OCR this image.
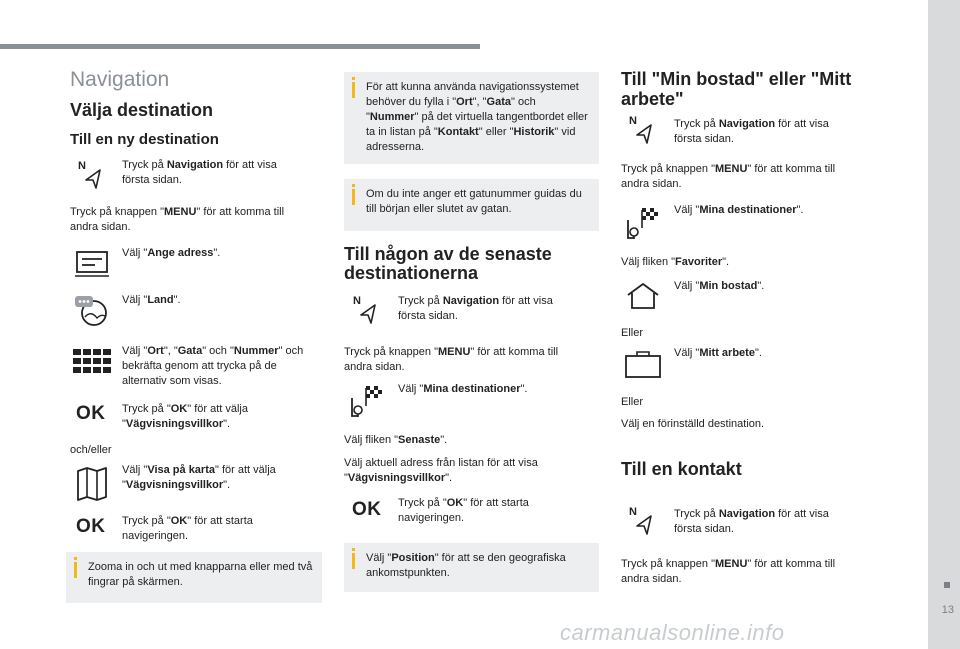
13
carmanualsonline.info
Navigation
Välja destination
Till en ny destination
N	Tryck på Navigation för att visa första sidan.
Tryck på knappen "MENU" för att komma till andra sidan.
Välj "Ange adress".
Välj "Land".
Välj "Ort", "Gata" och "Nummer" och bekräfta genom att trycka på de alternativ som visas.
OK Tryck på "OK" för att välja "Vägvisningsvillkor".
och/eller
Välj "Visa på karta" för att välja "Vägvisningsvillkor".
OK Tryck på "OK" för att starta navigeringen.
Zooma in och ut med knapparna eller med två fingrar på skärmen.
För att kunna använda navigationssystemet behöver du fylla i "Ort", "Gata" och "Nummer" på det virtuella tangentbordet eller ta in listan på "Kontakt" eller "Historik" vid adresserna.
Om du inte anger ett gatunummer guidas du till början eller slutet av gatan.
Till någon av de senaste destinationerna
N	Tryck på Navigation för att visa första sidan.
Tryck på knappen "MENU" för att komma till andra sidan.
Välj "Mina destinationer".
Välj fliken "Senaste".
Välj aktuell adress från listan för att visa "Vägvisningsvillkor".
OK Tryck på "OK" för att starta navigeringen.
Välj "Position" för att se den geografiska ankomstpunkten.
Till "Min bostad" eller "Mitt arbete"
N	Tryck på Navigation för att visa första sidan.
Tryck på knappen "MENU" för att komma till andra sidan.
Välj "Mina destinationer".
Välj fliken "Favoriter".
Välj "Min bostad".
Eller
Välj "Mitt arbete".
Eller
Välj en förinställd destination.
Till en kontakt
N	Tryck på Navigation för att visa första sidan.
Tryck på knappen "MENU" för att komma till andra sidan.
